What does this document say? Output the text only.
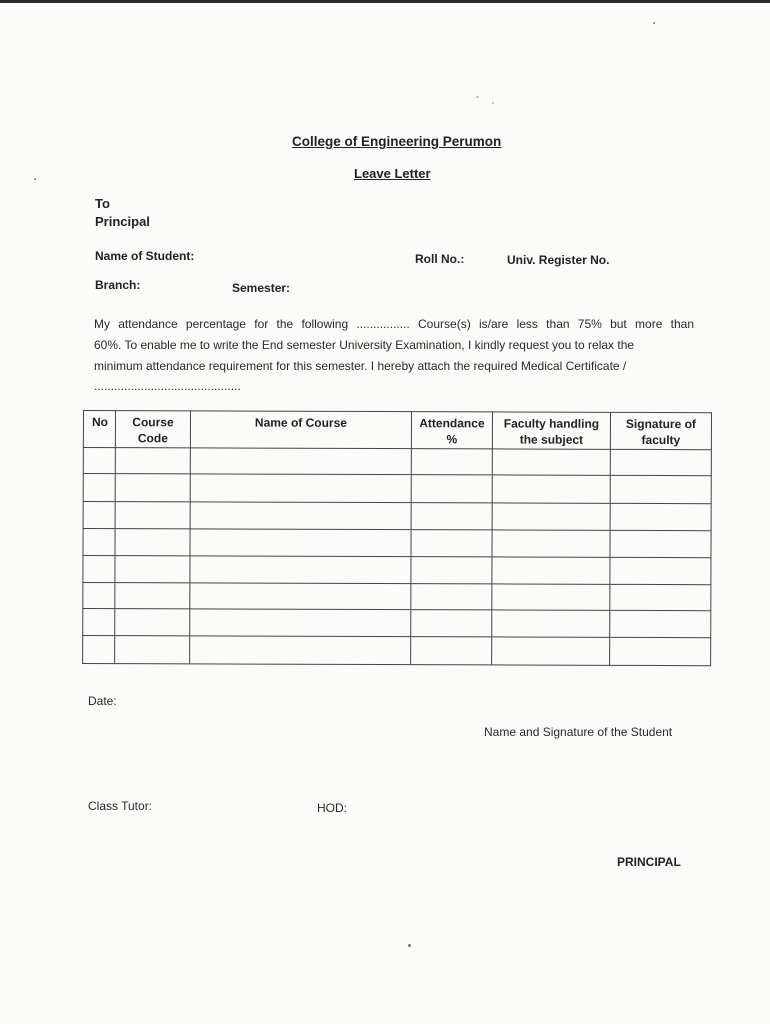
College of Engineering Perumon
Leave Letter
To
Principal
Name of Student:	Roll No.:	Univ. Register No.
Branch:	Semester:
My attendance percentage for the following ................ Course(s) is/are less than 75% but more than
60%. To enable me to write the End semester University Examination, I kindly request you to relax the
minimum attendance requirement for this semester. I hereby attach the required Medical Certificate /
............................................
No	Course Code	Name of Course	Attendance %	Faculty handling the subject	Signature of faculty

Date:
Name and Signature of the Student
Class Tutor:	HOD:
PRINCIPAL
